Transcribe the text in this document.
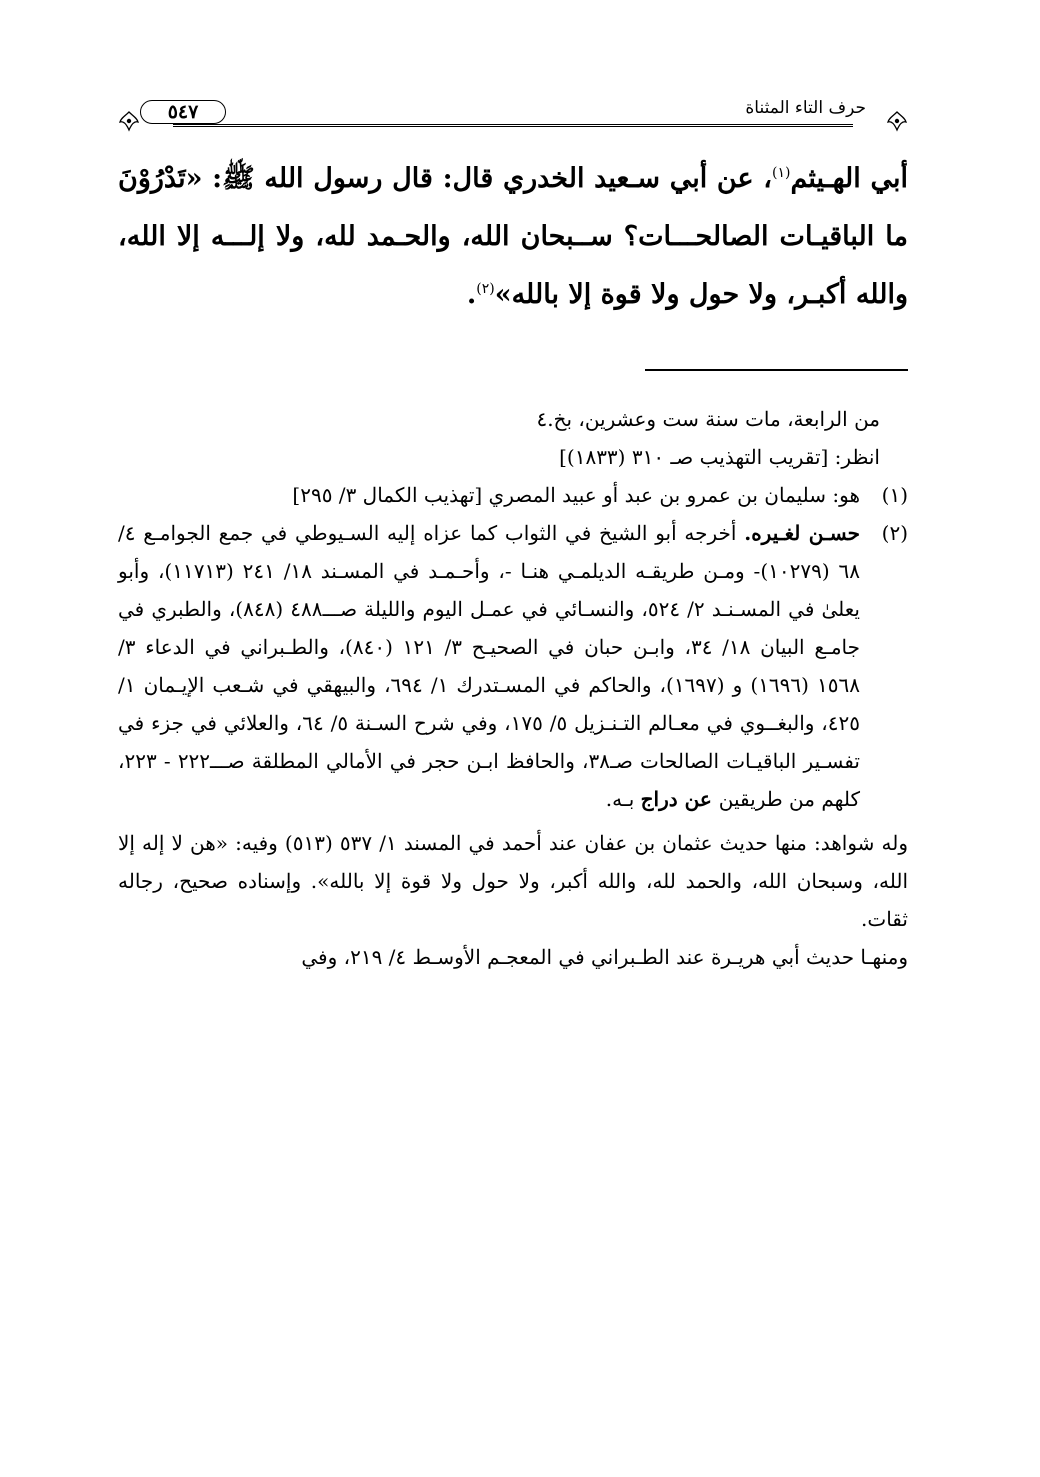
حرف التاء المثناة
٥٤٧

أبي الهـيثم$^{(١)}$، عن أبي سـعيد الخدري قال: قال رسول الله ﷺ: «تَدْرُوْنَ ما الباقيـات الصالحـــات؟ ســبحان الله، والحـمد لله، ولا إلـــه إلا الله، والله أكبـر، ولا حول ولا قوة إلا بالله»$^{(٢)}$.

من الرابعة، مات سنة ست وعشرين، بخ.٤

انظر: [تقريب التهذيب صـ ٣١٠ (١٨٣٣)]

(١)
هو: سليمان بن عمرو بن عبد أو عبيد المصري [تهذيب الكمال ٣/ ٢٩٥]
(٢)
حسـن لغـيره. أخرجه أبو الشيخ في الثواب كما عزاه إليه السـيوطي في جمع الجوامـع ٤/ ٦٨ (١٠٢٧٩)- ومـن طريقـه الديلمـي هنـا -، وأحـمـد في المسـند ١٨/ ٢٤١ (١١٧١٣)، وأبو يعلىٰ في المسـنـد ٢/ ٥٢٤، والنسـائي في عمـل اليوم والليلة صـــ٤٨٨ (٨٤٨)، والطبري في جامـع البيان ١٨/ ٣٤، وابـن حبان في الصحيـح ٣/ ١٢١ (٨٤٠)، والطـبراني في الدعاء ٣/ ١٥٦٨ (١٦٩٦) و (١٦٩٧)، والحاكم في المسـتدرك ١/ ٦٩٤، والبيهقي في شـعب الإيـمان ١/ ٤٢٥، والبغــوي في معـالم التـنـزيل ٥/ ١٧٥، وفي شرح السـنة ٥/ ٦٤، والعلائي في جزء في تفسـير الباقيـات الصالحات صـ٣٨، والحافظ ابـن حجر في الأمالي المطلقة صـــ٢٢٢ - ٢٢٣، كلهم من طريقين عن دراج بـه.

وله شواهد: منها حديث عثمان بن عفان عند أحمد في المسند ١/ ٥٣٧ (٥١٣) وفيه: «هن لا إله إلا الله، وسبحان الله، والحمد لله، والله أكبر، ولا حول ولا قوة إلا بالله». وإسناده صحيح، رجاله ثقات.

ومنهـا حديث أبي هريـرة عند الطـبراني في المعجـم الأوسـط ٤/ ٢١٩، وفي
